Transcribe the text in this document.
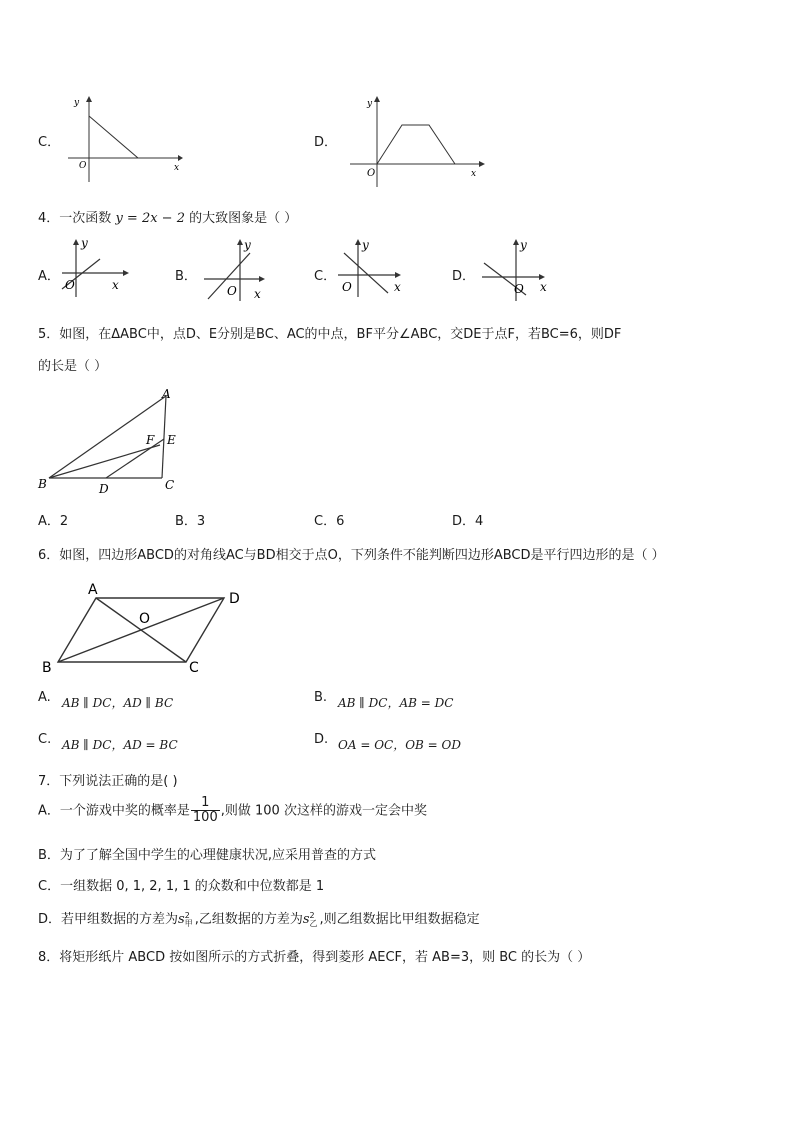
C．
y
x
O
D．
y
x
O
4．一次函数 y = 2x − 2 的大致图象是（ ）
A．
y
x
O
B．
y
x
O
C．
y
x
O
D．
y
x
O
5．如图，在ΔABC中，点D、E分别是BC、AC的中点，BF平分∠ABC，交DE于点F，若BC=6，则DF
的长是（ ）
A
B	C
D
E
F
A．2	B．3	C．6	D．4
6．如图，四边形ABCD的对角线AC与BD相交于点O，下列条件不能判断四边形ABCD是平行四边形的是（ ）
A
D
O
B	C
A. AB ∥ DC，AD ∥ BC	B. AB ∥ DC，AB = DC
C. AB ∥ DC，AD = BC	D. OA = OC，OB = OD
7．下列说法正确的是( )
A．一个游戏中奖的概率是 $\frac{1}{100}$ ,则做 100 次这样的游戏一定会中奖
B．为了了解全国中学生的心理健康状况,应采用普查的方式
C．一组数据 0, 1, 2, 1, 1 的众数和中位数都是 1
D．若甲组数据的方差为s 2
甲 ,乙组数据的方差为s 2
乙 ,则乙组数据比甲组数据稳定
8．将矩形纸片 ABCD 按如图所示的方式折叠，得到菱形 AECF，若 AB=3，则 BC 的长为（ ）
